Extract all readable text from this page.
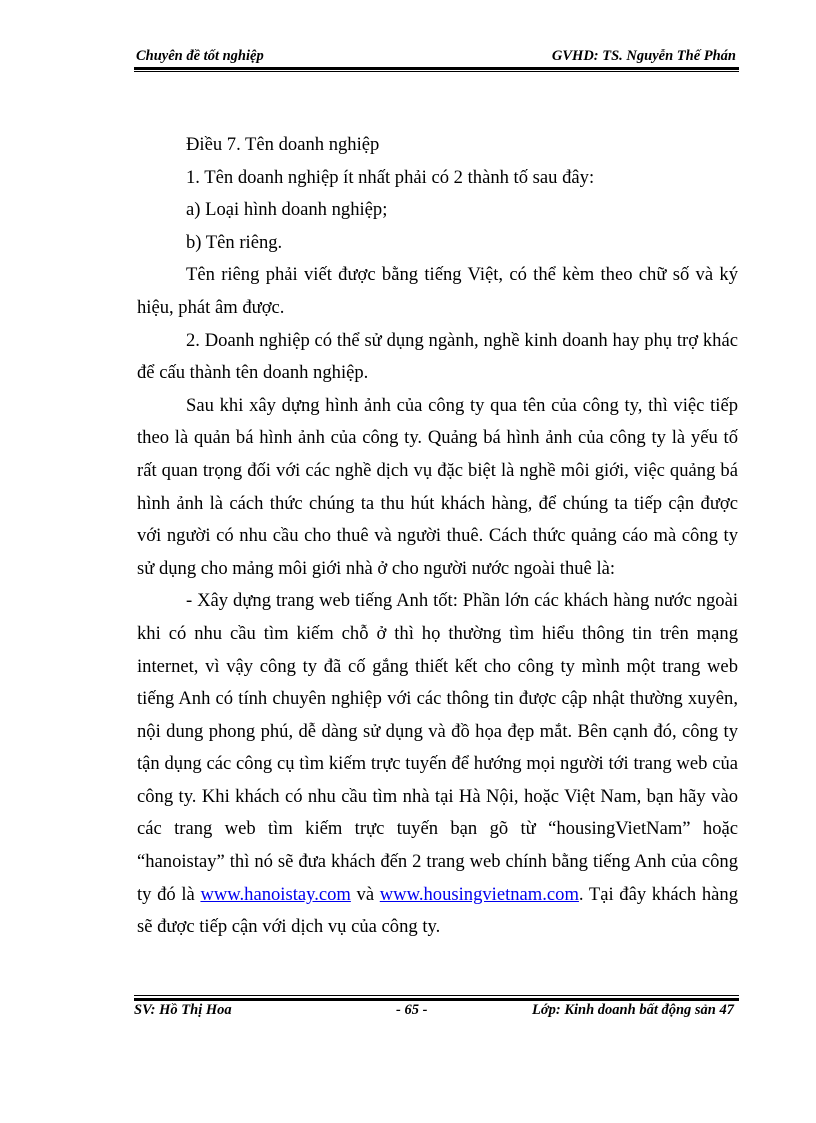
Chuyên đề tốt nghiệp	GVHD: TS. Nguyễn Thế Phán

Điều 7. Tên doanh nghiệp

1. Tên doanh nghiệp ít nhất phải có 2 thành tố sau đây:

a) Loại hình doanh nghiệp;

b) Tên riêng.

Tên riêng phải viết được bằng tiếng Việt, có thể kèm theo chữ số và ký hiệu, phát âm được.

2. Doanh nghiệp có thể sử dụng ngành, nghề kinh doanh hay phụ trợ khác để cấu thành tên doanh nghiệp.

Sau khi xây dựng hình ảnh của công ty qua tên của công ty, thì việc tiếp theo là quản bá hình ảnh của công ty. Quảng bá hình ảnh của công ty là yếu tố rất quan trọng đối với các nghề dịch vụ đặc biệt là nghề môi giới, việc quảng bá hình ảnh là cách thức chúng ta thu hút khách hàng, để chúng ta tiếp cận được với người có nhu cầu cho thuê và người thuê. Cách thức quảng cáo mà công ty sử dụng cho mảng môi giới nhà ở cho người nước ngoài thuê là:

- Xây dựng trang web tiếng Anh tốt: Phần lớn các khách hàng nước ngoài khi có nhu cầu tìm kiếm chỗ ở thì họ thường tìm hiểu thông tin trên mạng internet, vì vậy công ty đã cố gắng thiết kết cho công ty mình một trang web tiếng Anh có tính chuyên nghiệp với các thông tin được cập nhật thường xuyên, nội dung phong phú, dễ dàng sử dụng và đồ họa đẹp mắt. Bên cạnh đó, công ty tận dụng các công cụ tìm kiếm trực tuyến để hướng mọi người tới trang web của công ty. Khi khách có nhu cầu tìm nhà tại Hà Nội, hoặc Việt Nam, bạn hãy vào các trang web tìm kiếm trực tuyến bạn gõ từ “housingVietNam” hoặc “hanoistay” thì nó sẽ đưa khách đến 2 trang web chính bằng tiếng Anh của công ty đó là www.hanoistay.com và www.housingvietnam.com. Tại đây khách hàng sẽ được tiếp cận với dịch vụ của công ty.

SV: Hồ Thị Hoa	- 65 -	Lớp: Kinh doanh bất động sản 47
